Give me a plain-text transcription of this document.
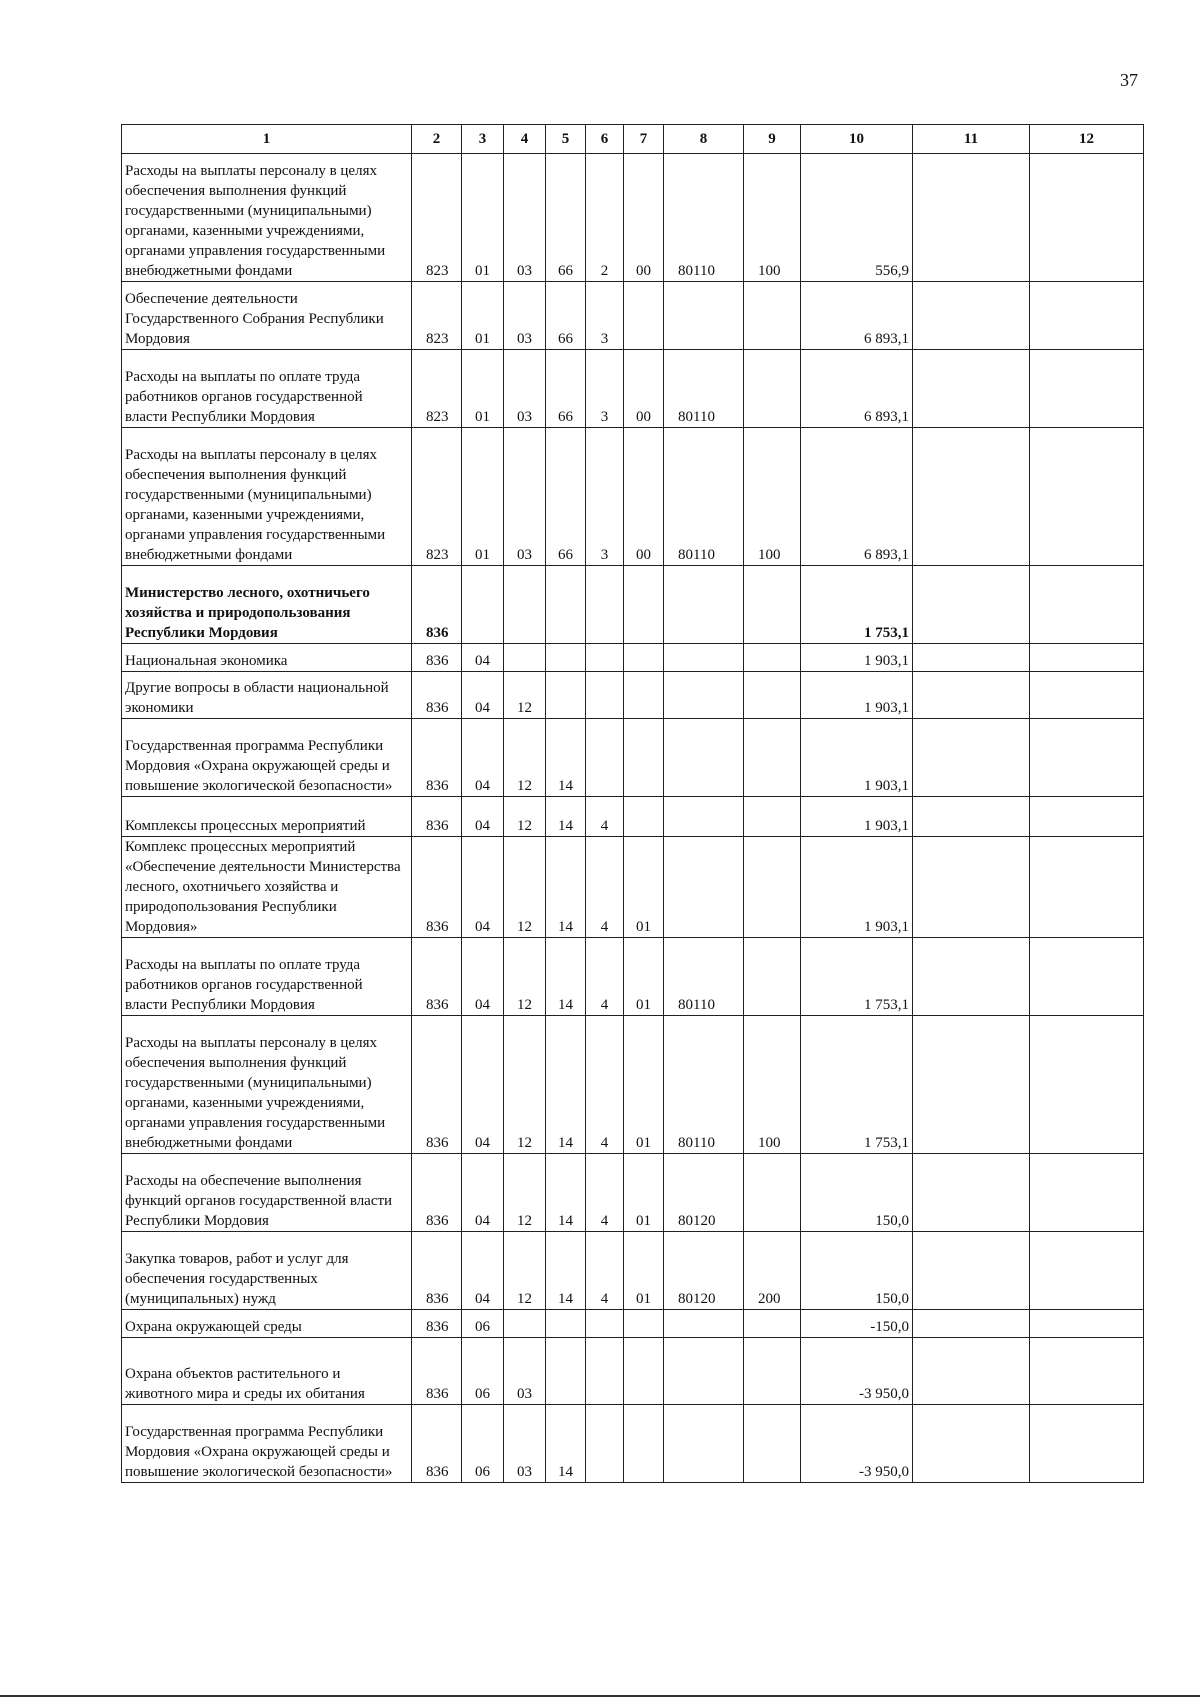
37
1	2	3	4	5	6	7	8	9	10	11	12
Расходы на выплаты персоналу в целях обеспечения выполнения функций государственными (муниципальными) органами, казенными учреждениями, органами управления государственными внебюджетными фондами	823	01	03	66	2	00	80110	100	556,9		
Обеспечение деятельности Государственного Собрания Республики Мордовия	823	01	03	66	3				6 893,1		
Расходы на выплаты по оплате труда работников органов государственной власти Республики Мордовия	823	01	03	66	3	00	80110		6 893,1		
Расходы на выплаты персоналу в целях обеспечения выполнения функций государственными (муниципальными) органами, казенными учреждениями, органами управления государственными внебюджетными фондами	823	01	03	66	3	00	80110	100	6 893,1		
Министерство лесного, охотничьего хозяйства и природопользования Республики Мордовия	836								1 753,1		
Национальная экономика	836	04							1 903,1		
Другие вопросы в области национальной экономики	836	04	12						1 903,1		
Государственная программа Республики Мордовия «Охрана окружающей среды и повышение экологической безопасности»	836	04	12	14					1 903,1		
Комплексы процессных мероприятий	836	04	12	14	4				1 903,1		
Комплекс процессных мероприятий «Обеспечение деятельности Министерства лесного, охотничьего хозяйства и природопользования Республики Мордовия»	836	04	12	14	4	01			1 903,1		
Расходы на выплаты по оплате труда работников органов государственной власти Республики Мордовия	836	04	12	14	4	01	80110		1 753,1		
Расходы на выплаты персоналу в целях обеспечения выполнения функций государственными (муниципальными) органами, казенными учреждениями, органами управления государственными внебюджетными фондами	836	04	12	14	4	01	80110	100	1 753,1		
Расходы на обеспечение выполнения функций органов государственной власти Республики Мордовия	836	04	12	14	4	01	80120		150,0		
Закупка товаров, работ и услуг для обеспечения государственных (муниципальных) нужд	836	04	12	14	4	01	80120	200	150,0		
Охрана окружающей среды	836	06							-150,0		
Охрана объектов растительного и животного мира и среды их обитания	836	06	03						-3 950,0		
Государственная программа Республики Мордовия «Охрана окружающей среды и повышение экологической безопасности»	836	06	03	14					-3 950,0		
